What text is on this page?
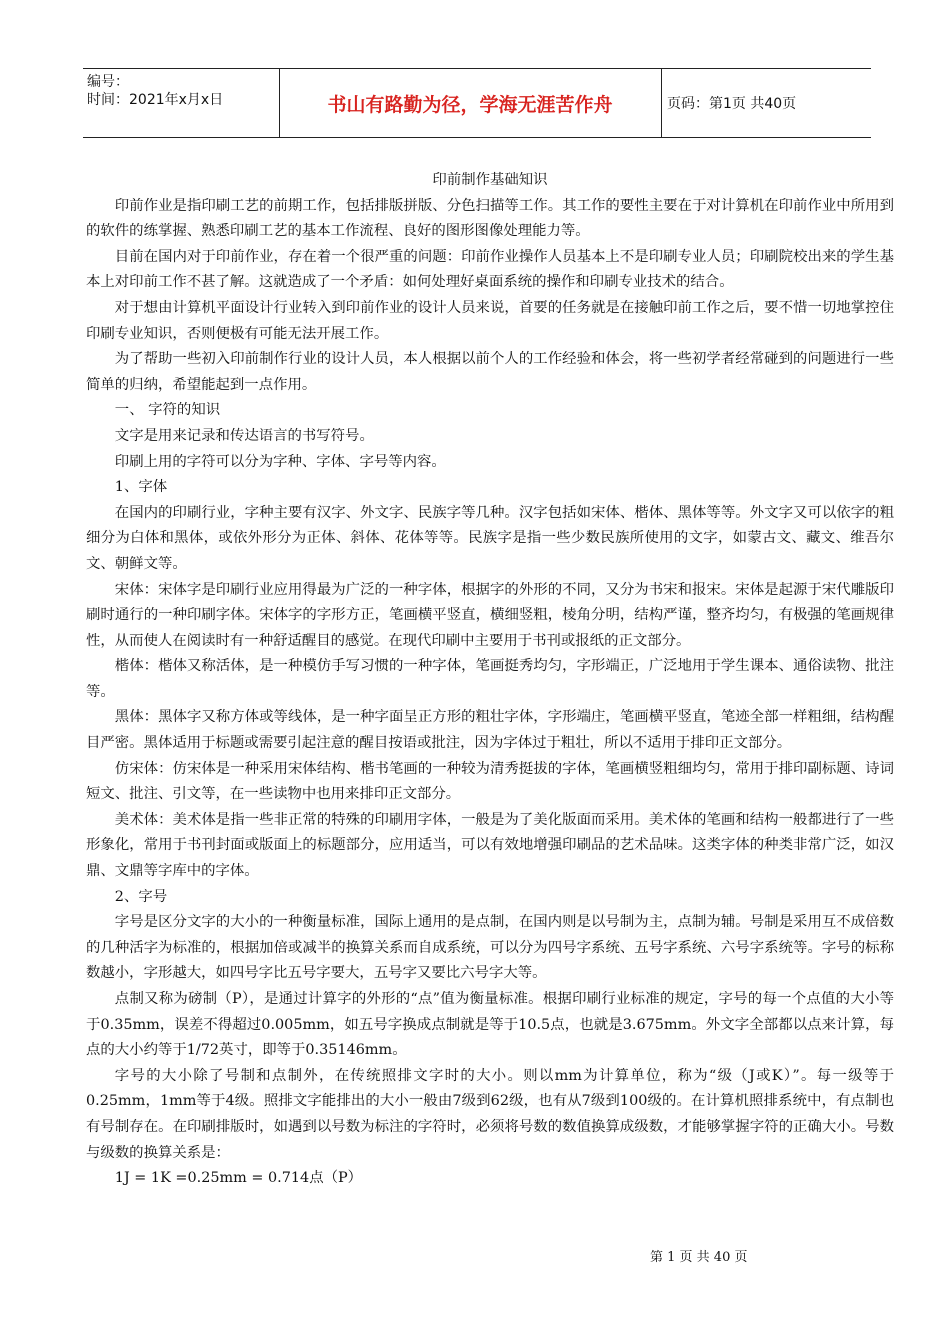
编号：
时间：2021年x月x日	书山有路勤为径，学海无涯苦作舟	页码：第1页 共40页

印前制作基础知识

印前作业是指印刷工艺的前期工作，包括排版拼版、分色扫描等工作。其工作的要性主要在于对计算机在印前作业中所用到的软件的练掌握、熟悉印刷工艺的基本工作流程、良好的图形图像处理能力等。

目前在国内对于印前作业，存在着一个很严重的问题：印前作业操作人员基本上不是印刷专业人员；印刷院校出来的学生基本上对印前工作不甚了解。这就造成了一个矛盾：如何处理好桌面系统的操作和印刷专业技术的结合。

对于想由计算机平面设计行业转入到印前作业的设计人员来说，首要的任务就是在接触印前工作之后，要不惜一切地掌控住印刷专业知识，否则便极有可能无法开展工作。

为了帮助一些初入印前制作行业的设计人员，本人根据以前个人的工作经验和体会，将一些初学者经常碰到的问题进行一些简单的归纳，希望能起到一点作用。

一、 字符的知识

文字是用来记录和传达语言的书写符号。

印刷上用的字符可以分为字种、字体、字号等内容。

1、字体

在国内的印刷行业，字种主要有汉字、外文字、民族字等几种。汉字包括如宋体、楷体、黑体等等。外文字又可以依字的粗细分为白体和黑体，或依外形分为正体、斜体、花体等等。民族字是指一些少数民族所使用的文字，如蒙古文、藏文、维吾尔文、朝鲜文等。

宋体：宋体字是印刷行业应用得最为广泛的一种字体，根据字的外形的不同，又分为书宋和报宋。宋体是起源于宋代雕版印刷时通行的一种印刷字体。宋体字的字形方正，笔画横平竖直，横细竖粗，棱角分明，结构严谨，整齐均匀，有极强的笔画规律性，从而使人在阅读时有一种舒适醒目的感觉。在现代印刷中主要用于书刊或报纸的正文部分。

楷体：楷体又称活体，是一种模仿手写习惯的一种字体，笔画挺秀均匀，字形端正，广泛地用于学生课本、通俗读物、批注等。

黑体：黑体字又称方体或等线体，是一种字面呈正方形的粗壮字体，字形端庄，笔画横平竖直，笔迹全部一样粗细，结构醒目严密。黑体适用于标题或需要引起注意的醒目按语或批注，因为字体过于粗壮，所以不适用于排印正文部分。

仿宋体：仿宋体是一种采用宋体结构、楷书笔画的一种较为清秀挺拔的字体，笔画横竖粗细均匀，常用于排印副标题、诗词短文、批注、引文等，在一些读物中也用来排印正文部分。

美术体：美术体是指一些非正常的特殊的印刷用字体，一般是为了美化版面而采用。美术体的笔画和结构一般都进行了一些形象化，常用于书刊封面或版面上的标题部分，应用适当，可以有效地增强印刷品的艺术品味。这类字体的种类非常广泛，如汉鼎、文鼎等字库中的字体。

2、字号

字号是区分文字的大小的一种衡量标准，国际上通用的是点制，在国内则是以号制为主，点制为辅。号制是采用互不成倍数的几种活字为标准的，根据加倍或减半的换算关系而自成系统，可以分为四号字系统、五号字系统、六号字系统等。字号的标称数越小，字形越大，如四号字比五号字要大，五号字又要比六号字大等。

点制又称为磅制（P），是通过计算字的外形的“点”值为衡量标准。根据印刷行业标准的规定，字号的每一个点值的大小等于0.35mm，误差不得超过0.005mm，如五号字换成点制就是等于10.5点，也就是3.675mm。外文字全部都以点来计算，每点的大小约等于1/72英寸，即等于0.35146mm。

字号的大小除了号制和点制外，在传统照排文字时的大小。则以mm为计算单位，称为“级（J或K）”。每一级等于0.25mm，1mm等于4级。照排文字能排出的大小一般由7级到62级，也有从7级到100级的。在计算机照排系统中，有点制也有号制存在。在印刷排版时，如遇到以号数为标注的字符时，必须将号数的数值换算成级数，才能够掌握字符的正确大小。号数与级数的换算关系是：

1J = 1K =0.25mm = 0.714点（P）

第 1 页 共 40 页
